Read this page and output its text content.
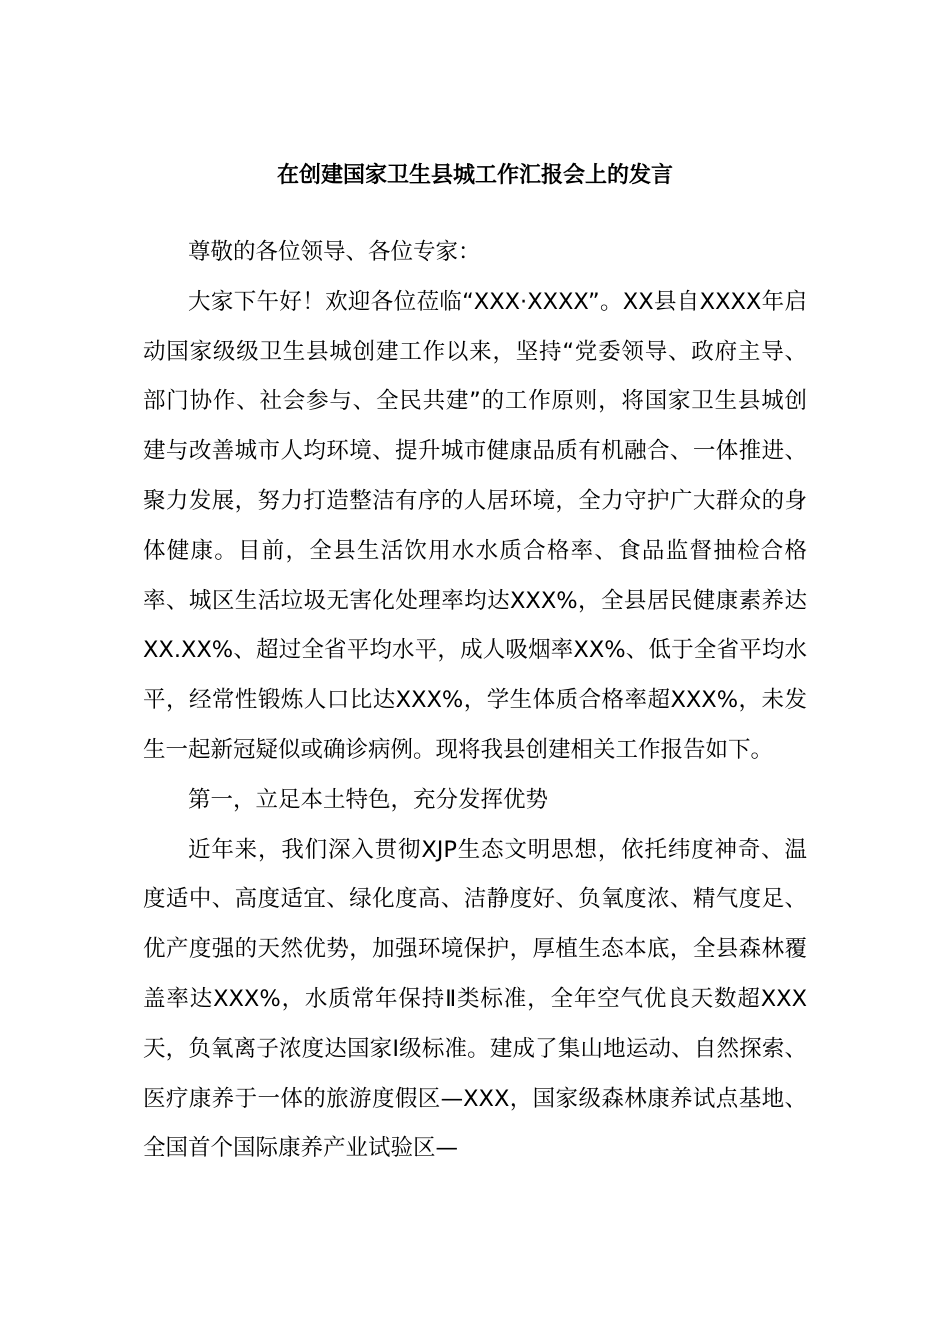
在创建国家卫生县城工作汇报会上的发言

尊敬的各位领导、各位专家：

大家下午好！欢迎各位莅临“XXX·XXXX”。XX县自XXXX年启动国家级级卫生县城创建工作以来，坚持“党委领导、政府主导、部门协作、社会参与、全民共建”的工作原则，将国家卫生县城创建与改善城市人均环境、提升城市健康品质有机融合、一体推进、聚力发展，努力打造整洁有序的人居环境，全力守护广大群众的身体健康。目前，全县生活饮用水水质合格率、食品监督抽检合格率、城区生活垃圾无害化处理率均达XXX%，全县居民健康素养达XX.XX%、超过全省平均水平，成人吸烟率XX%、低于全省平均水平，经常性锻炼人口比达XXX%，学生体质合格率超XXX%，未发生一起新冠疑似或确诊病例。现将我县创建相关工作报告如下。

第一，立足本土特色，充分发挥优势

近年来，我们深入贯彻XJP生态文明思想，依托纬度神奇、温度适中、高度适宜、绿化度高、洁静度好、负氧度浓、精气度足、优产度强的天然优势，加强环境保护，厚植生态本底，全县森林覆盖率达XXX%，水质常年保持Ⅱ类标准，全年空气优良天数超XXX天，负氧离子浓度达国家Ⅰ级标准。建成了集山地运动、自然探索、医疗康养于一体的旅游度假区—XXX，国家级森林康养试点基地、全国首个国际康养产业试验区—
